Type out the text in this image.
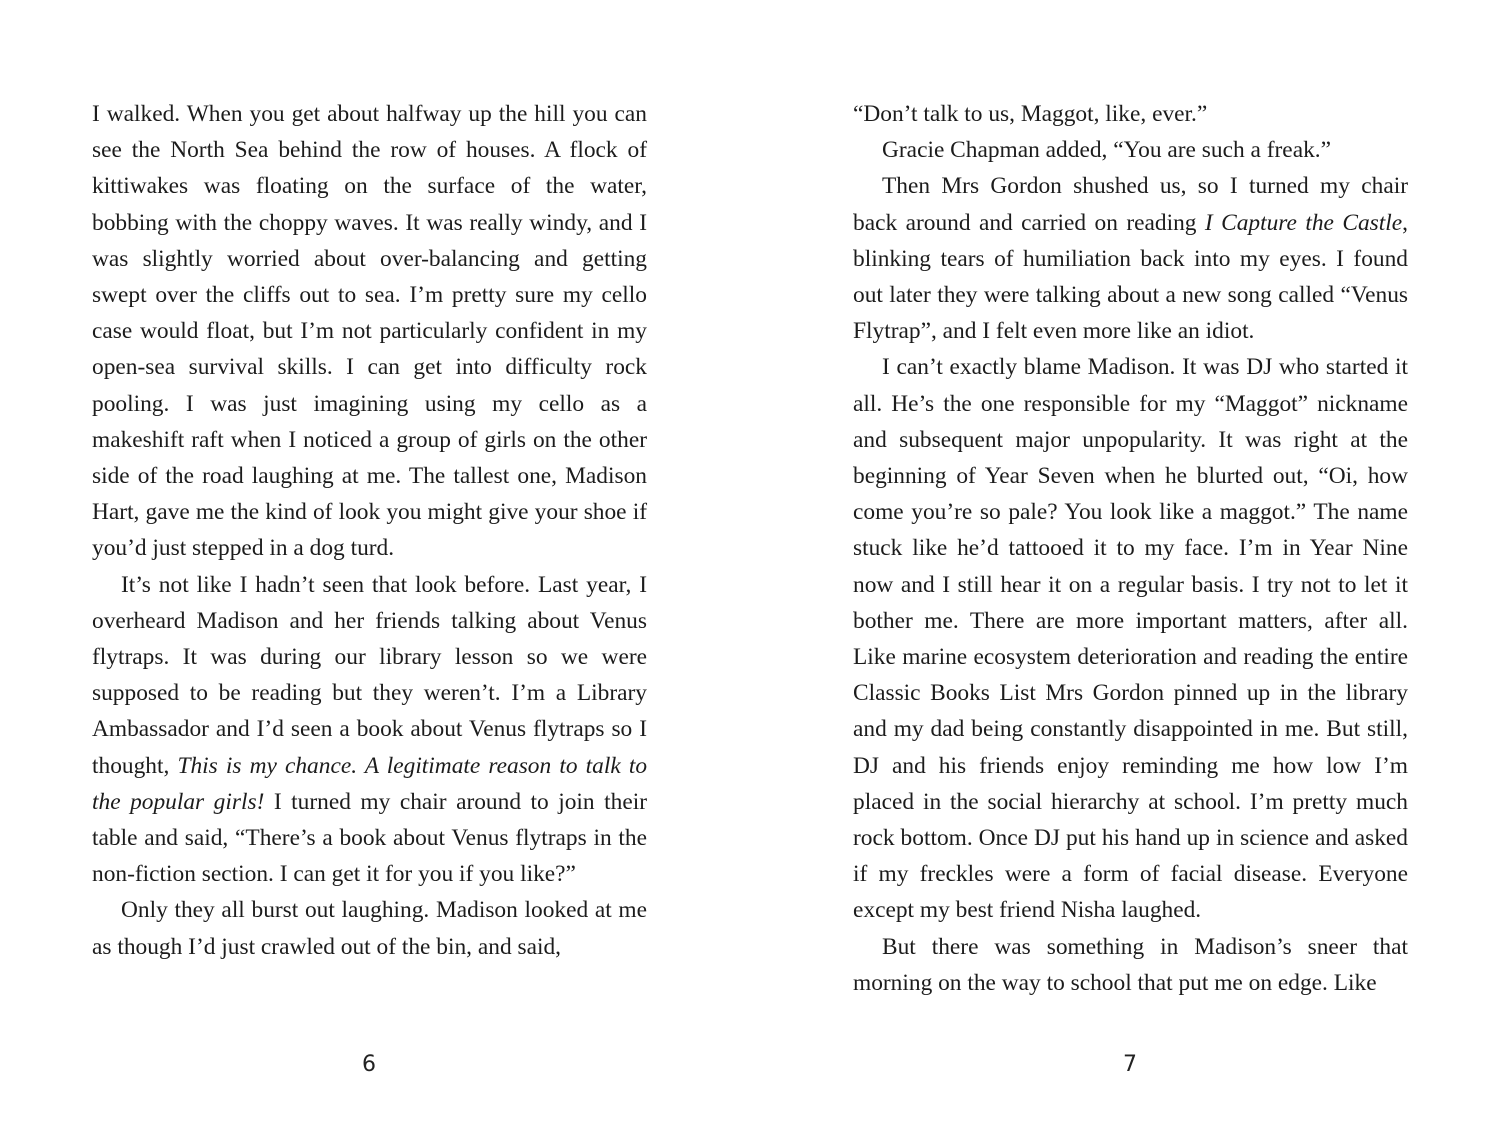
I walked. When you get about halfway up the hill you can see the North Sea behind the row of houses. A flock of kittiwakes was floating on the surface of the water, bobbing with the choppy waves. It was really windy, and I was slightly worried about over-balancing and getting swept over the cliffs out to sea. I’m pretty sure my cello case would float, but I’m not particularly confident in my open-sea survival skills. I can get into difficulty rock pooling. I was just imagining using my cello as a makeshift raft when I noticed a group of girls on the other side of the road laughing at me. The tallest one, Madison Hart, gave me the kind of look you might give your shoe if you’d just stepped in a dog turd.

It’s not like I hadn’t seen that look before. Last year, I overheard Madison and her friends talking about Venus flytraps. It was during our library lesson so we were supposed to be reading but they weren’t. I’m a Library Ambassador and I’d seen a book about Venus flytraps so I thought, This is my chance. A legitimate reason to talk to the popular girls! I turned my chair around to join their table and said, “There’s a book about Venus flytraps in the non-fiction section. I can get it for you if you like?”

Only they all burst out laughing. Madison looked at me as though I’d just crawled out of the bin, and said,

“Don’t talk to us, Maggot, like, ever.”

Gracie Chapman added, “You are such a freak.”

Then Mrs Gordon shushed us, so I turned my chair back around and carried on reading I Capture the Castle, blinking tears of humiliation back into my eyes. I found out later they were talking about a new song called “Venus Flytrap”, and I felt even more like an idiot.

I can’t exactly blame Madison. It was DJ who started it all. He’s the one responsible for my “Maggot” nickname and subsequent major unpopularity. It was right at the beginning of Year Seven when he blurted out, “Oi, how come you’re so pale? You look like a maggot.” The name stuck like he’d tattooed it to my face. I’m in Year Nine now and I still hear it on a regular basis. I try not to let it bother me. There are more important matters, after all. Like marine ecosystem deterioration and reading the entire Classic Books List Mrs Gordon pinned up in the library and my dad being constantly disappointed in me. But still, DJ and his friends enjoy reminding me how low I’m placed in the social hierarchy at school. I’m pretty much rock bottom. Once DJ put his hand up in science and asked if my freckles were a form of facial disease. Everyone except my best friend Nisha laughed.

But there was something in Madison’s sneer that morning on the way to school that put me on edge. Like

6	7
